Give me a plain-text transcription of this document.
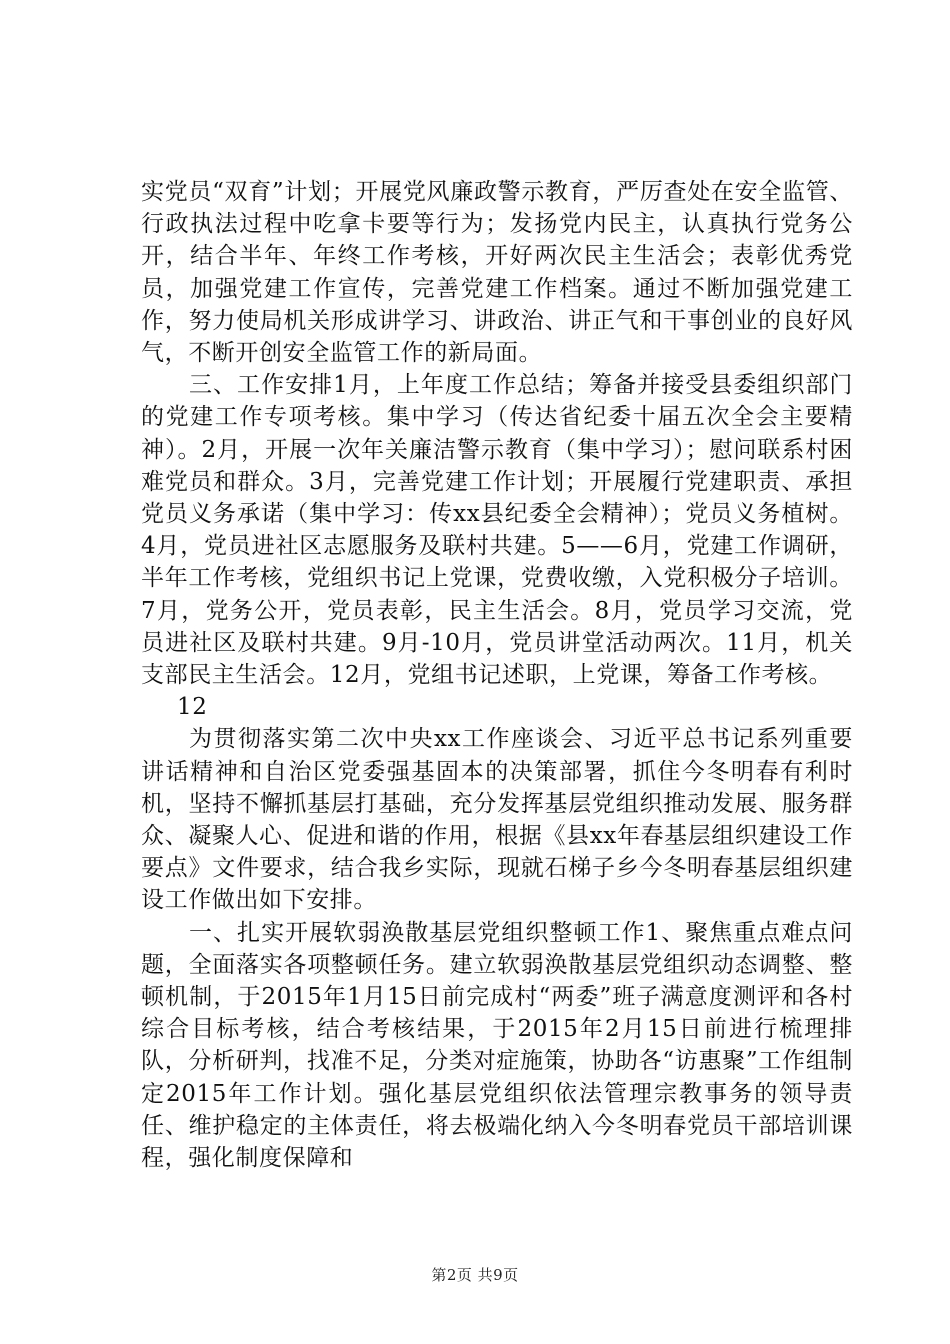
实党员“双育”计划；开展党风廉政警示教育，严厉查处在安全监管、行政执法过程中吃拿卡要等行为；发扬党内民主，认真执行党务公开，结合半年、年终工作考核，开好两次民主生活会；表彰优秀党员，加强党建工作宣传，完善党建工作档案。通过不断加强党建工作，努力使局机关形成讲学习、讲政治、讲正气和干事创业的良好风气，不断开创安全监管工作的新局面。

三、工作安排1月，上年度工作总结；筹备并接受县委组织部门的党建工作专项考核。集中学习（传达省纪委十届五次全会主要精神）。2月，开展一次年关廉洁警示教育（集中学习）；慰问联系村困难党员和群众。3月，完善党建工作计划；开展履行党建职责、承担党员义务承诺（集中学习：传xx县纪委全会精神）；党员义务植树。4月，党员进社区志愿服务及联村共建。5——6月，党建工作调研，半年工作考核，党组织书记上党课，党费收缴，入党积极分子培训。7月，党务公开，党员表彰，民主生活会。8月，党员学习交流，党员进社区及联村共建。9月-10月，党员讲堂活动两次。11月，机关支部民主生活会。12月，党组书记述职，上党课，筹备工作考核。

12

为贯彻落实第二次中央xx工作座谈会、习近平总书记系列重要讲话精神和自治区党委强基固本的决策部署，抓住今冬明春有利时机，坚持不懈抓基层打基础，充分发挥基层党组织推动发展、服务群众、凝聚人心、促进和谐的作用，根据《县xx年春基层组织建设工作要点》文件要求，结合我乡实际，现就石梯子乡今冬明春基层组织建设工作做出如下安排。

一、扎实开展软弱涣散基层党组织整顿工作1、聚焦重点难点问题，全面落实各项整顿任务。建立软弱涣散基层党组织动态调整、整顿机制，于2015年1月15日前完成村“两委”班子满意度测评和各村综合目标考核，结合考核结果，于2015年2月15日前进行梳理排队，分析研判，找准不足，分类对症施策，协助各“访惠聚”工作组制定2015年工作计划。强化基层党组织依法管理宗教事务的领导责任、维护稳定的主体责任，将去极端化纳入今冬明春党员干部培训课程，强化制度保障和

第2页 共9页
